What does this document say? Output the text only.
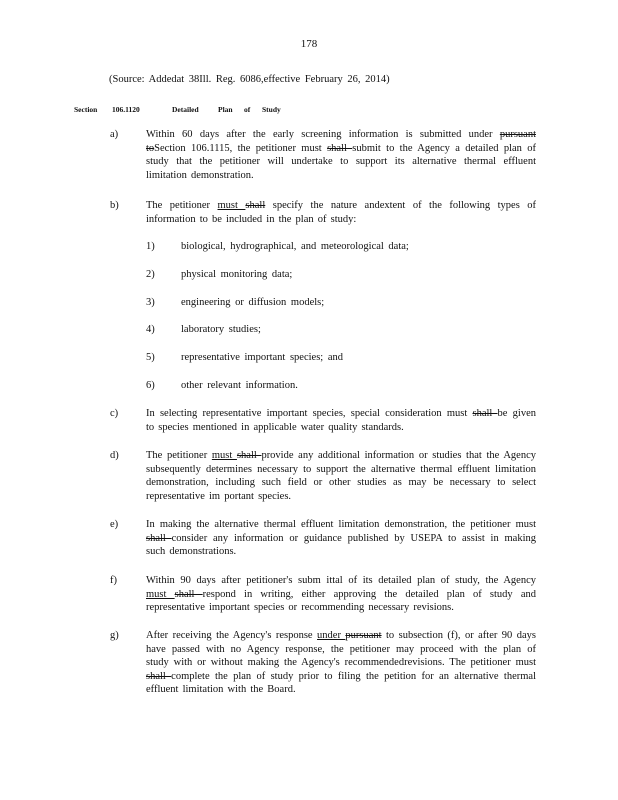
178
(Source: Addedat 38Ill. Reg. 6086,effective February 26, 2014)
Section 106.1120	Detailed	Plan of Study
a)	Within 60 days after the early screening information is submitted under pursuant toSection 106.1115, the petitioner must shall submit to the Agency a detailed plan of study that the petitioner will undertake to support its alternative thermal effluent limitation demonstration.
b)	The petitioner must shall specify the nature andextent of the following types of information to be included in the plan of study:
1)	biological, hydrographical, and meteorological data;
2)	physical monitoring data;
3)	engineering or diffusion models;
4)	laboratory studies;
5)	representative important species; and
6)	other relevant information.
c)	In selecting representative important species, special consideration must shall be given to species mentioned in applicable water quality standards.
d)	The petitioner must shall provide any additional information or studies that the Agency subsequently determines necessary to support the alternative thermal effluent limitation demonstration, including such field or other studies as may be necessary to select representative im portant species.
e)	In making the alternative thermal effluent limitation demonstration, the petitioner must shall consider any information or guidance published by USEPA to assist in making such demonstrations.
f)	Within 90 days after petitioner's subm ittal of its detailed plan of study, the Agency must shall respond in writing, either approving the detailed plan of study and representative important species or recommending necessary revisions.
g)	After receiving the Agency's response under pursuant to subsection (f), or after 90 days have passed with no Agency response, the petitioner may proceed with the plan of study with or without making the Agency's recommendedrevisions. The petitioner must shall complete the plan of study prior to filing the petition for an alternative thermal effluent limitation with the Board.
